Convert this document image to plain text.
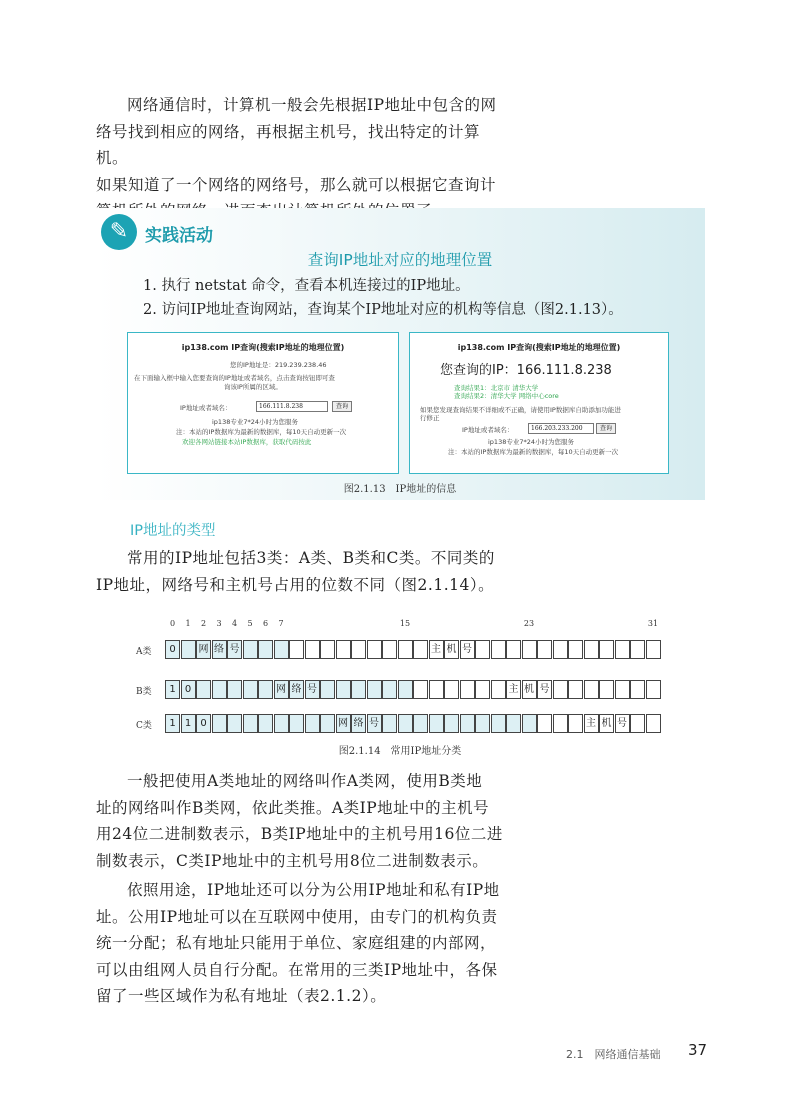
网络通信时，计算机一般会先根据IP地址中包含的网
络号找到相应的网络，再根据主机号，找出特定的计算机。
如果知道了一个网络的网络号，那么就可以根据它查询计
✎ 实践活动
查询IP地址对应的地理位置
1. 执行 netstat 命令，查看本机连接过的IP地址。
2. 访问IP地址查询网站，查询某个IP地址对应的机构等信息（图2.1.13）。
ip138.com IP查询(搜索IP地址的地理位置)
您的IP地址是：219.239.238.46
在下面输入框中输入您要查询的IP地址或者域名，点击查询按钮即可查
询该IP所属的区域。
IP地址或者域名：	166.111.8.238	查询
ip138专业7*24小时为您服务
注：本站的IP数据库为最新的数据库，每10天自动更新一次
欢迎各网站链接本站IP数据库，获取代码按此
ip138.com IP查询(搜索IP地址的地理位置)
您查询的IP：166.111.8.238
查询结果1：北京市 清华大学
查询结果2：清华大学 网络中心core
如果您发现查询结果不详细或不正确，请使用IP数据库自助添加功能进
行修正
IP地址或者域名：	166.203.233.200	查询
ip138专业7*24小时为您服务
注：本站的IP数据库为最新的数据库，每10天自动更新一次
图2.1.13　IP地址的信息
IP地址的类型
常用的IP地址包括3类：A类、B类和C类。不同类的
IP地址，网络号和主机号占用的位数不同（图2.1.14）。
0	1	2	3	4	5	6	7	15	23	31
A类	0	网 络 号	主 机 号
B类	1 0	网 络 号	主 机 号
C类	1 1 0	网 络 号	主 机 号
图2.1.14　常用IP地址分类
一般把使用A类地址的网络叫作A类网，使用B类地
址的网络叫作B类网，依此类推。A类IP地址中的主机号
用24位二进制数表示，B类IP地址中的主机号用16位二进
制数表示，C类IP地址中的主机号用8位二进制数表示。
依照用途，IP地址还可以分为公用IP地址和私有IP地
址。公用IP地址可以在互联网中使用，由专门的机构负责
统一分配；私有地址只能用于单位、家庭组建的内部网，
可以由组网人员自行分配。在常用的三类IP地址中，各保
留了一些区域作为私有地址（表2.1.2）。
2.1　网络通信基础 37
